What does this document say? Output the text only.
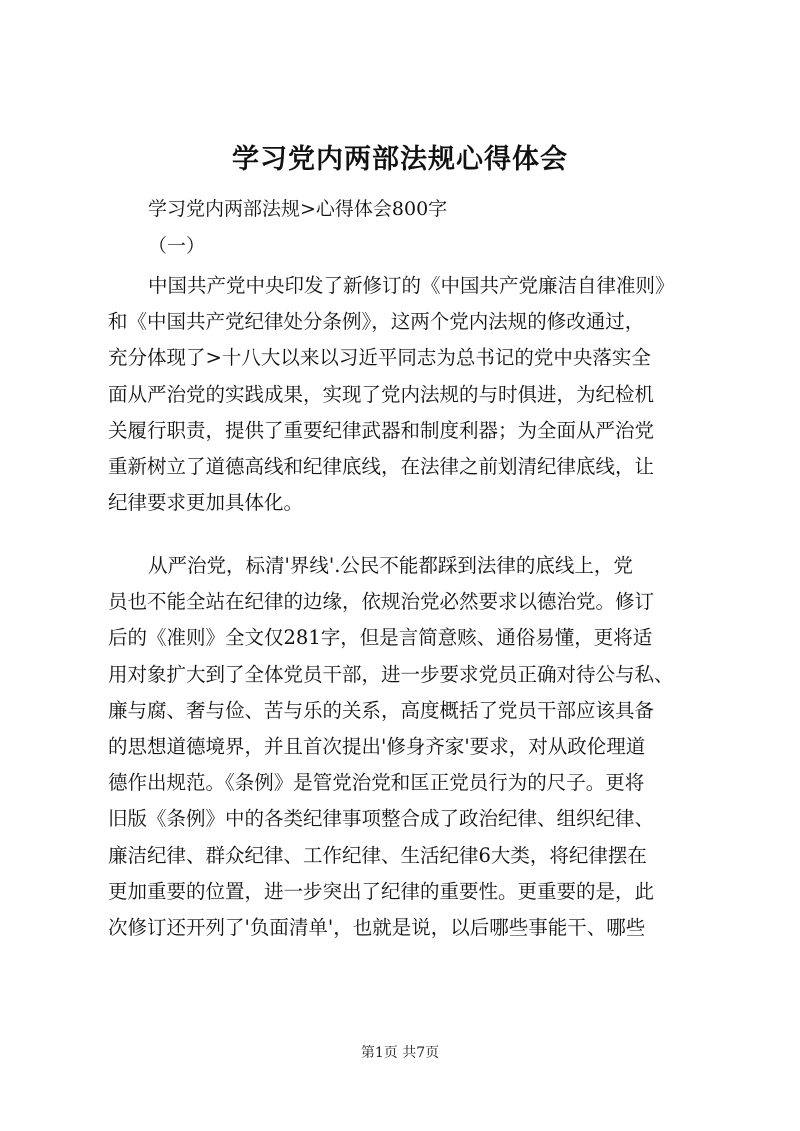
学习党内两部法规心得体会

学习党内两部法规>心得体会800字

（一）

中国共产党中央印发了新修订的《中国共产党廉洁自律准则》
和《中国共产党纪律处分条例》，这两个党内法规的修改通过，
充分体现了>十八大以来以习近平同志为总书记的党中央落实全
面从严治党的实践成果，实现了党内法规的与时俱进，为纪检机
关履行职责，提供了重要纪律武器和制度利器；为全面从严治党
重新树立了道德高线和纪律底线，在法律之前划清纪律底线，让
纪律要求更加具体化。
从严治党，标清'界线'.公民不能都踩到法律的底线上，党
员也不能全站在纪律的边缘，依规治党必然要求以德治党。修订
后的《准则》全文仅281字，但是言简意赅、通俗易懂，更将适
用对象扩大到了全体党员干部，进一步要求党员正确对待公与私、
廉与腐、奢与俭、苦与乐的关系，高度概括了党员干部应该具备
的思想道德境界，并且首次提出'修身齐家'要求，对从政伦理道
德作出规范。《条例》是管党治党和匡正党员行为的尺子。更将
旧版《条例》中的各类纪律事项整合成了政治纪律、组织纪律、
廉洁纪律、群众纪律、工作纪律、生活纪律6大类，将纪律摆在
更加重要的位置，进一步突出了纪律的重要性。更重要的是，此
次修订还开列了'负面清单'，也就是说，以后哪些事能干、哪些

第1页 共7页
